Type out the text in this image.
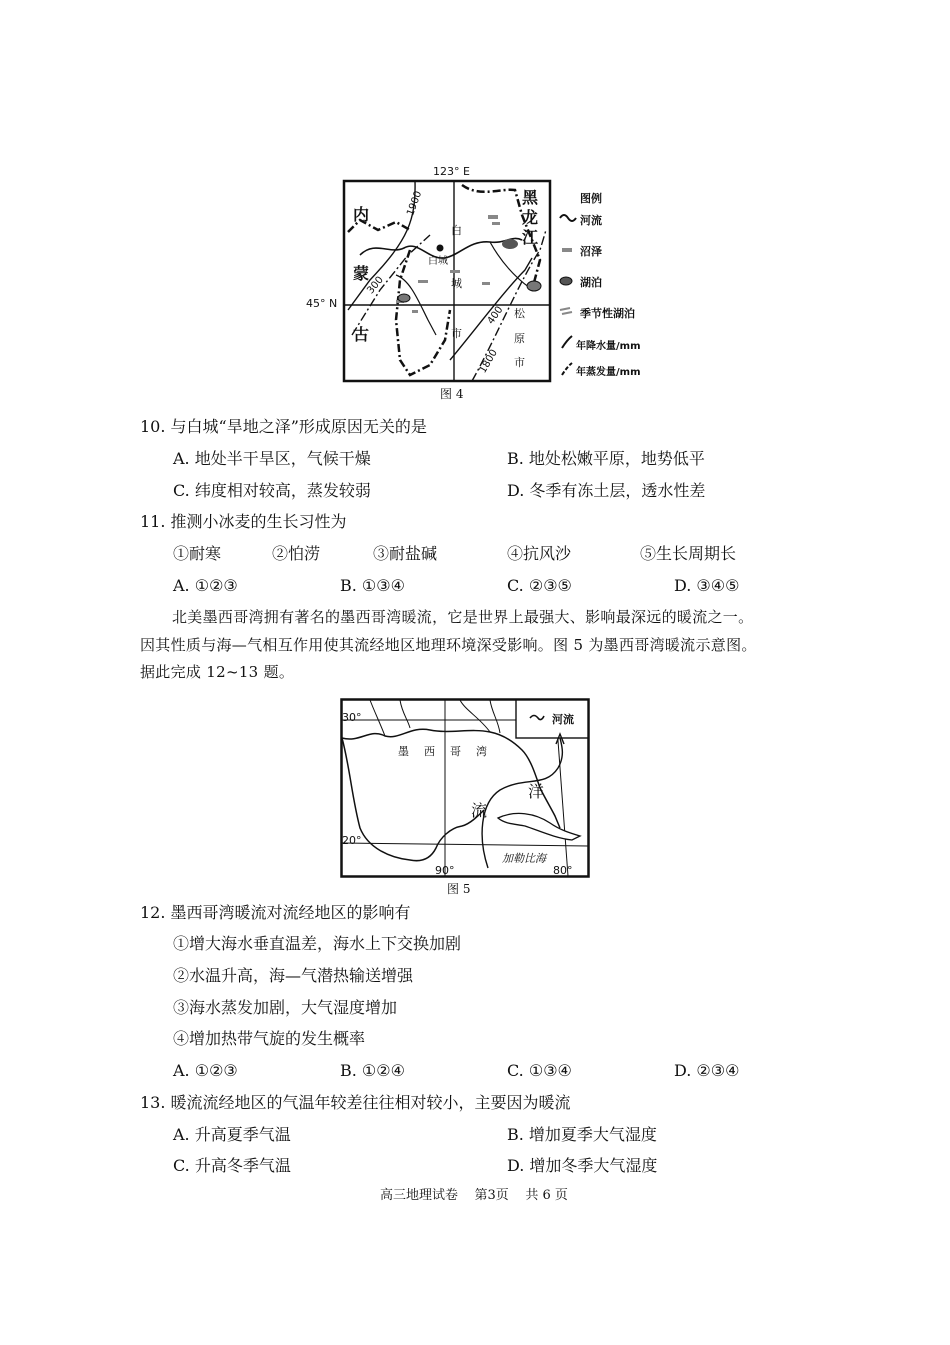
123° E
45° N
内
蒙
古
黑
龙
江
白
城
市
松
原
市
白城
1900
300
400
1800
图例
河流
沼泽
湖泊
季节性湖泊
年降水量/mm
年蒸发量/mm
图 4
10. 与白城“旱地之泽”形成原因无关的是
A. 地处半干旱区，气候干燥	B. 地处松嫩平原，地势低平
C. 纬度相对较高，蒸发较弱	D. 冬季有冻土层，透水性差
11. 推测小冰麦的生长习性为
①耐寒	②怕涝	③耐盐碱	④抗风沙	⑤生长周期长
A. ①②③	B. ①③④	C. ②③⑤	D. ③④⑤
北美墨西哥湾拥有著名的墨西哥湾暖流，它是世界上最强大、影响最深远的暖流之一。
因其性质与海—气相互作用使其流经地区地理环境深受影响。图 5 为墨西哥湾暖流示意图。
据此完成 12~13 题。
30°
20°
90°	80°
河流
墨 西 哥 湾
流
洋
加勒比海
图 5
12. 墨西哥湾暖流对流经地区的影响有
①增大海水垂直温差，海水上下交换加剧
②水温升高，海—气潜热输送增强
③海水蒸发加剧，大气湿度增加
④增加热带气旋的发生概率
A. ①②③	B. ①②④	C. ①③④	D. ②③④
13. 暖流流经地区的气温年较差往往相对较小，主要因为暖流
A. 升高夏季气温	B. 增加夏季大气湿度
C. 升高冬季气温	D. 增加冬季大气湿度
高三地理试卷    第3页    共 6 页
